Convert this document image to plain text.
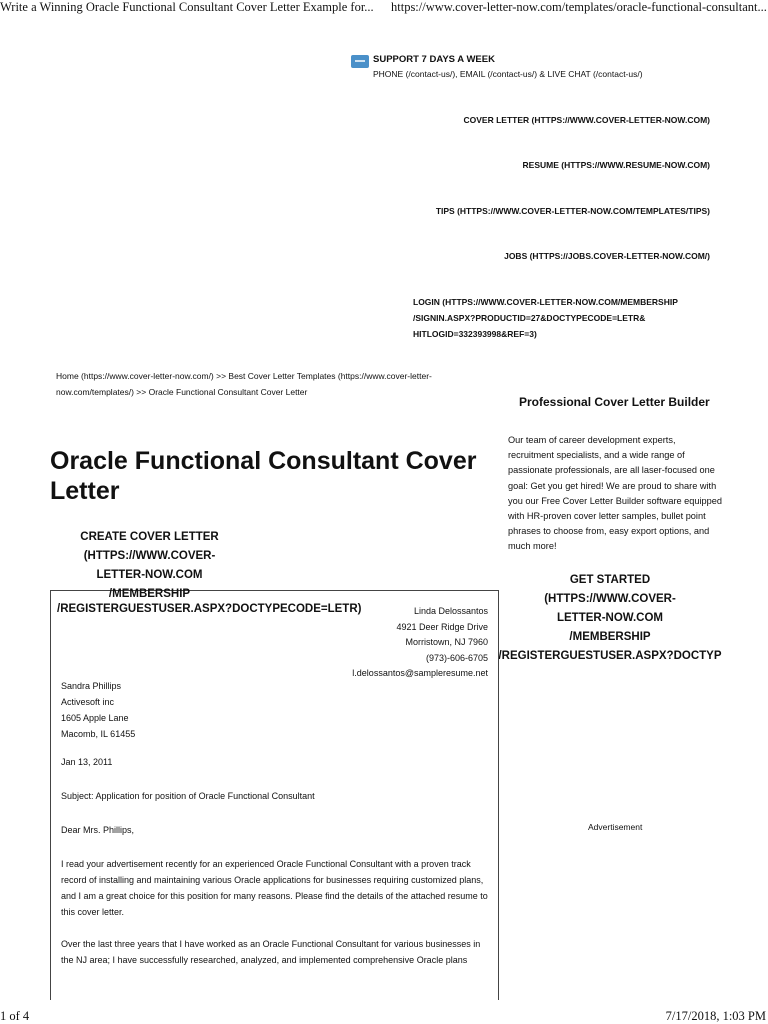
Write a Winning Oracle Functional Consultant Cover Letter Example for... https://www.cover-letter-now.com/templates/oracle-functional-consultant...
SUPPORT 7 DAYS A WEEK
PHONE (/contact-us/), EMAIL (/contact-us/) & LIVE CHAT (/contact-us/)
COVER LETTER (HTTPS://WWW.COVER-LETTER-NOW.COM)
RESUME (HTTPS://WWW.RESUME-NOW.COM)
TIPS (HTTPS://WWW.COVER-LETTER-NOW.COM/TEMPLATES/TIPS)
JOBS (HTTPS://JOBS.COVER-LETTER-NOW.COM/)
LOGIN (HTTPS://WWW.COVER-LETTER-NOW.COM/MEMBERSHIP
/SIGNIN.ASPX?PRODUCTID=27&DOCTYPECODE=LETR&
HITLOGID=332393998&REF=3)
Home (https://www.cover-letter-now.com/) >> Best Cover Letter Templates (https://www.cover-letter-now.com/templates/) >> Oracle Functional Consultant Cover Letter
Professional Cover Letter Builder
Our team of career development experts, recruitment specialists, and a wide range of passionate professionals, are all laser-focused one goal: Get you get hired! We are proud to share with you our Free Cover Letter Builder software equipped with HR-proven cover letter samples, bullet point phrases to choose from, easy export options, and much more!
GET STARTED
(HTTPS://WWW.COVER-
LETTER-NOW.COM
/MEMBERSHIP
/REGISTERGUESTUSER.ASPX?DOCTYP
Advertisement
Oracle Functional Consultant Cover Letter
Linda Delossantos
4921 Deer Ridge Drive
Morristown, NJ 7960
(973)-606-6705
l.delossantos@sampleresume.net
Sandra Phillips
Activesoft inc
1605 Apple Lane
Macomb, IL 61455
Jan 13, 2011
Subject: Application for position of Oracle Functional Consultant
Dear Mrs. Phillips,
I read your advertisement recently for an experienced Oracle Functional Consultant with a proven track record of installing and maintaining various Oracle applications for businesses requiring customized plans, and I am a great choice for this position for many reasons. Please find the details of the attached resume to this cover letter.
Over the last three years that I have worked as an Oracle Functional Consultant for various businesses in the NJ area; I have successfully researched, analyzed, and implemented comprehensive Oracle plans
CREATE COVER LETTER
(HTTPS://WWW.COVER-
LETTER-NOW.COM
/MEMBERSHIP
/REGISTERGUESTUSER.ASPX?DOCTYPECODE=LETR)
1 of 4	7/17/2018, 1:03 PM
